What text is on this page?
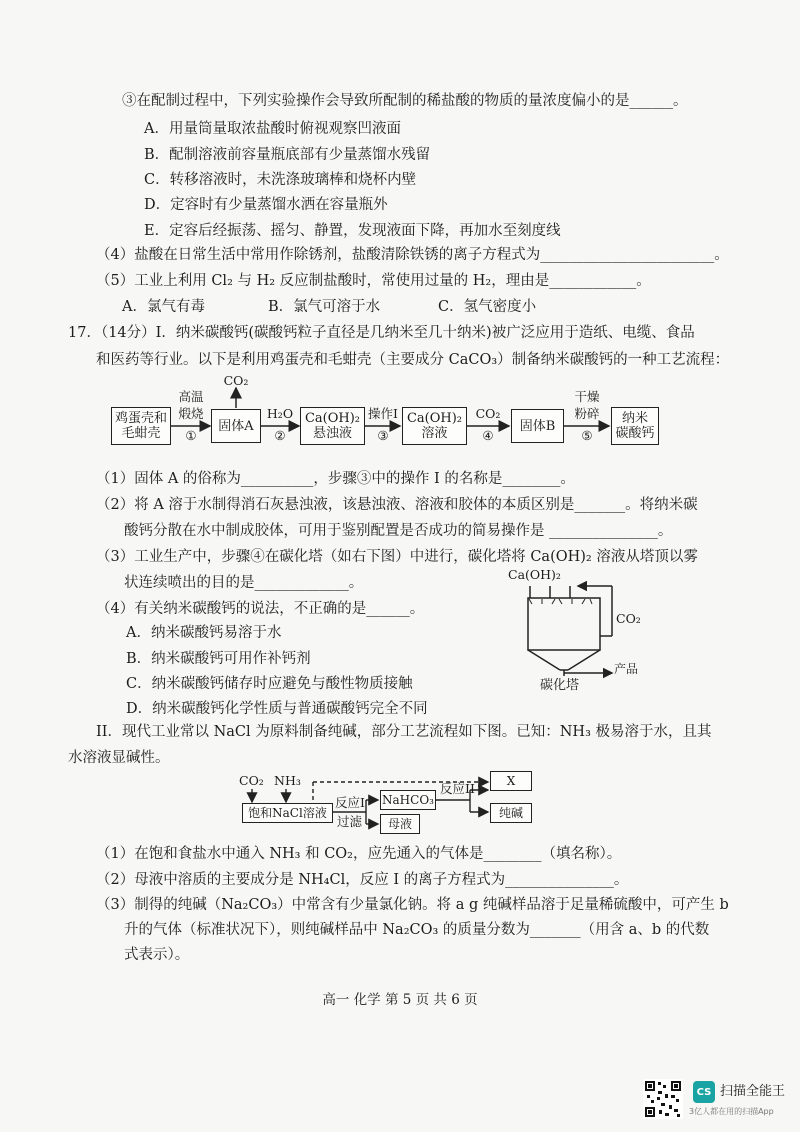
③在配制过程中，下列实验操作会导致所配制的稀盐酸的物质的量浓度偏小的是______。
A．用量筒量取浓盐酸时俯视观察凹液面
B．配制溶液前容量瓶底部有少量蒸馏水残留
C．转移溶液时，未洗涤玻璃棒和烧杯内壁
D．定容时有少量蒸馏水洒在容量瓶外
E．定容后经振荡、摇匀、静置，发现液面下降，再加水至刻度线
（4）盐酸在日常生活中常用作除锈剂，盐酸清除铁锈的离子方程式为________________________。
（5）工业上利用 Cl₂ 与 H₂ 反应制盐酸时，常使用过量的 H₂，理由是____________。
A．氯气有毒	B．氯气可溶于水	C．氢气密度小
17．（14分）I．纳米碳酸钙(碳酸钙粒子直径是几纳米至几十纳米)被广泛应用于造纸、电缆、食品
和医药等行业。以下是利用鸡蛋壳和毛蚶壳（主要成分 CaCO₃）制备纳米碳酸钙的一种工艺流程：
鸡蛋壳和
毛蚶壳
高温
煅烧
①
CO₂
固体A
H₂O
②
Ca(OH)₂
悬浊液
操作I
③
Ca(OH)₂
溶液
CO₂
④
固体B
干燥
粉碎
⑤
纳米
碳酸钙
（1）固体 A 的俗称为__________，步骤③中的操作 I 的名称是________。
（2）将 A 溶于水制得消石灰悬浊液，该悬浊液、溶液和胶体的本质区别是_______。将纳米碳
酸钙分散在水中制成胶体，可用于鉴别配置是否成功的简易操作是 _______________。
（3）工业生产中，步骤④在碳化塔（如右下图）中进行，碳化塔将 Ca(OH)₂ 溶液从塔顶以雾
状连续喷出的目的是_____________。
（4）有关纳米碳酸钙的说法，不正确的是______。
A．纳米碳酸钙易溶于水
B．纳米碳酸钙可用作补钙剂
C．纳米碳酸钙储存时应避免与酸性物质接触
D．纳米碳酸钙化学性质与普通碳酸钙完全不同
Ca(OH)₂
CO₂
产品
碳化塔
II．现代工业常以 NaCl 为原料制备纯碱，部分工艺流程如下图。已知：NH₃ 极易溶于水，且其
水溶液显碱性。
CO₂ NH₃
饱和NaCl溶液
反应I
过滤
NaHCO₃
母液
反应II
X
纯碱
（1）在饱和食盐水中通入 NH₃ 和 CO₂，应先通入的气体是________（填名称）。
（2）母液中溶质的主要成分是 NH₄Cl，反应 I 的离子方程式为_______________。
（3）制得的纯碱（Na₂CO₃）中常含有少量氯化钠。将 a g 纯碱样品溶于足量稀硫酸中，可产生 b
升的气体（标准状况下），则纯碱样品中 Na₂CO₃ 的质量分数为_______（用含 a、b 的代数
式表示）。
高一 化学 第 5 页 共 6 页
CS 扫描全能王
3亿人都在用的扫描App
